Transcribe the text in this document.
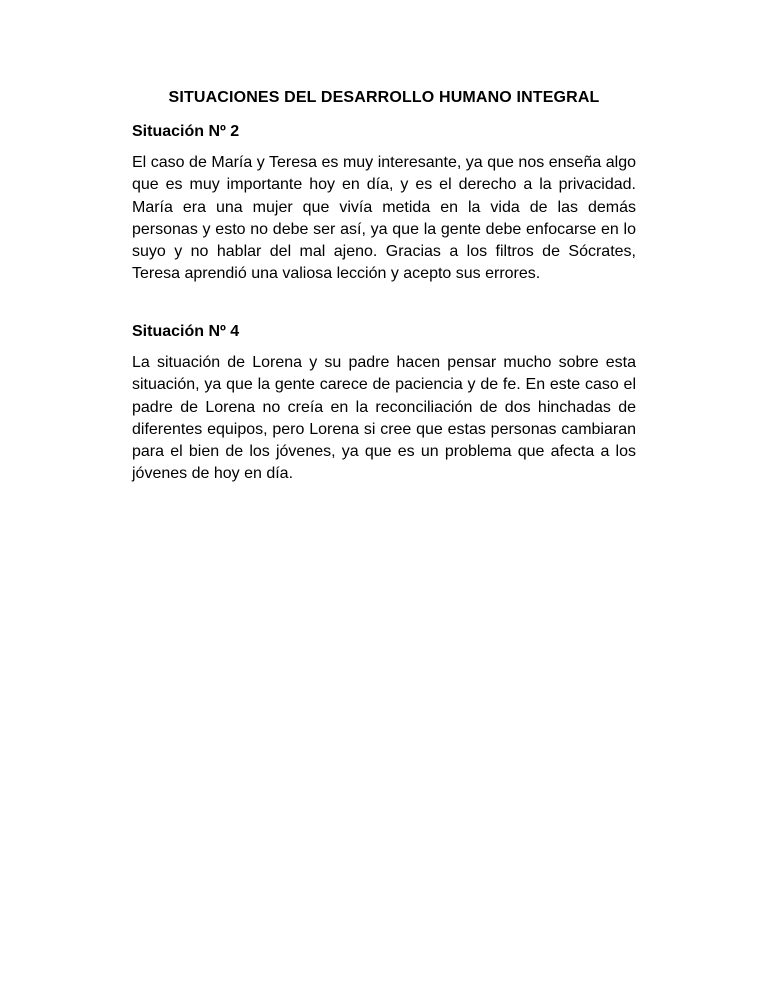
SITUACIONES DEL DESARROLLO HUMANO INTEGRAL
Situación Nº 2

El caso de María y Teresa es muy interesante, ya que nos enseña algo que es muy importante hoy en día, y es el derecho a la privacidad. María era una mujer que vivía metida en la vida de las demás personas y esto no debe ser así, ya que la gente debe enfocarse en lo suyo y no hablar del mal ajeno. Gracias a los filtros de Sócrates, Teresa aprendió una valiosa lección y acepto sus errores.

Situación Nº 4

La situación de Lorena y su padre hacen pensar mucho sobre esta situación, ya que la gente carece de paciencia y de fe. En este caso el padre de Lorena no creía en la reconciliación de dos hinchadas de diferentes equipos, pero Lorena si cree que estas personas cambiaran para el bien de los jóvenes, ya que es un problema que afecta a los jóvenes de hoy en día.
